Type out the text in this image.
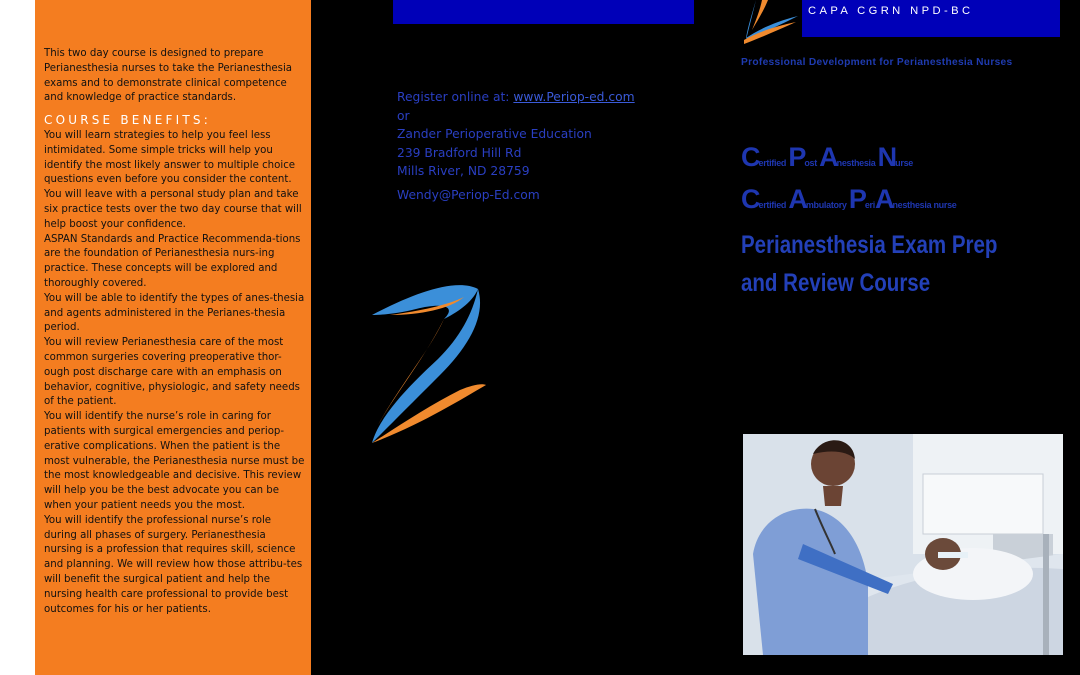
This two day course is designed to prepare Perianesthesia nurses to take the Perianesthesia exams and to demonstrate clinical competence and knowledge of practice standards.
COURSE BENEFITS:

You will learn strategies to help you feel less intimidated. Some simple tricks will help you identify the most likely answer to multiple choice questions even before you consider the content. You will leave with a personal study plan and take six practice tests over the two day course that will help boost your confidence.

ASPAN Standards and Practice Recommenda-tions are the foundation of Perianesthesia nurs-ing practice. These concepts will be explored and thoroughly covered.

You will be able to identify the types of anes-thesia and agents administered in the Perianes-thesia period.

You will review Perianesthesia care of the most common surgeries covering preoperative thor-ough post discharge care with an emphasis on behavior, cognitive, physiologic, and safety needs of the patient.

You will identify the nurse’s role in caring for patients with surgical emergencies and periop-erative complications. When the patient is the most vulnerable, the Perianesthesia nurse must be the most knowledgeable and decisive. This review will help you be the best advocate you can be when your patient needs you the most.

You will identify the professional nurse’s role during all phases of surgery. Perianesthesia nursing is a profession that requires skill, science and planning. We will review how those attribu-tes will benefit the surgical patient and help the nursing health care professional to provide best outcomes for his or her patients.

Register online at: www.Periop-ed.com
or
Zander Perioperative Education
239 Bradford Hill Rd
Mills River, ND 28759
Wendy@Periop-Ed.com
CAPA CGRN NPD-BC
Professional Development for Perianesthesia Nurses
Certified Post Anesthesia Nurse
Certified Ambulatory PeriAnesthesia nurse
Perianesthesia Exam Prep
and Review Course
